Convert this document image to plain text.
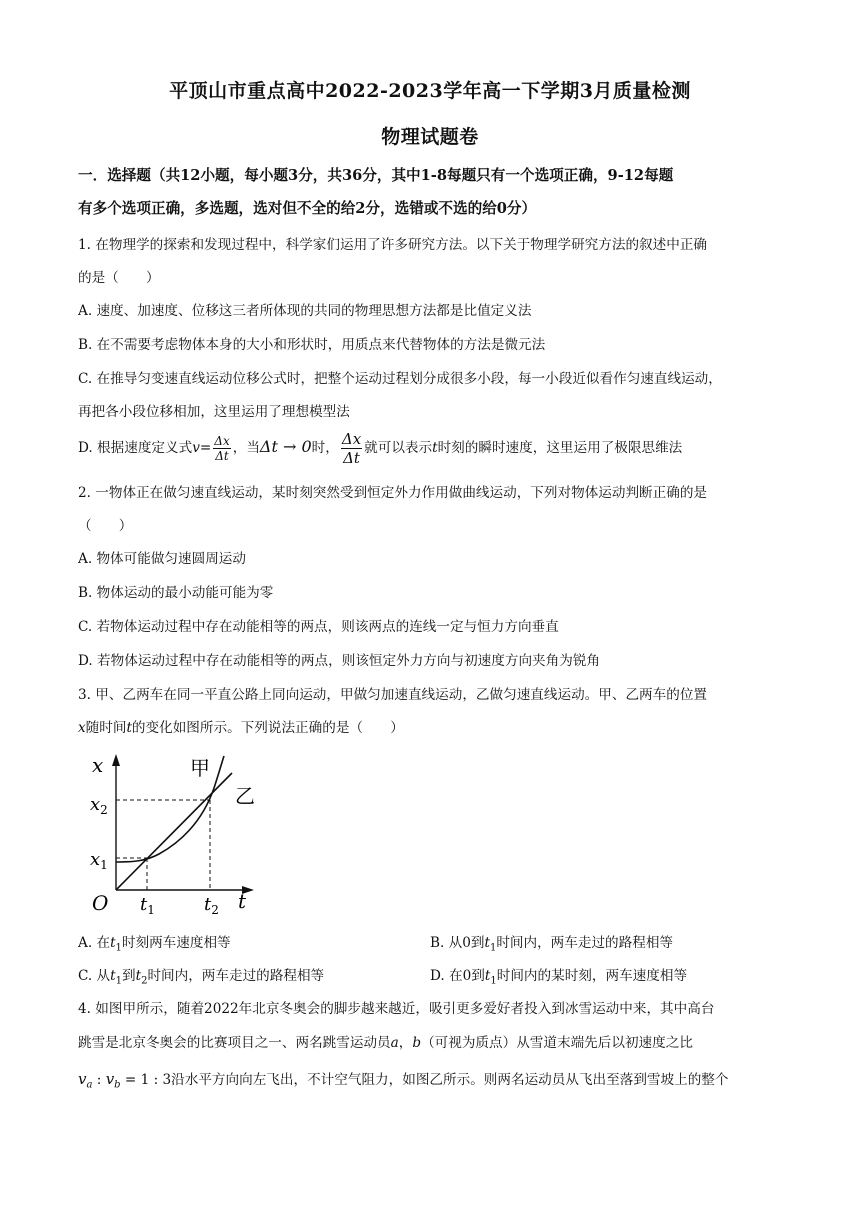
平顶山市重点高中2022-2023学年高一下学期3月质量检测
物理试题卷
一．选择题（共12小题，每小题3分，共36分，其中1-8每题只有一个选项正确，9-12每题
有多个选项正确，多选题，选对但不全的给2分，选错或不选的给0分）
1. 在物理学的探索和发现过程中，科学家们运用了许多研究方法。以下关于物理学研究方法的叙述中正确
的是（　　）
A. 速度、加速度、位移这三者所体现的共同的物理思想方法都是比值定义法
B. 在不需要考虑物体本身的大小和形状时，用质点来代替物体的方法是微元法
C. 在推导匀变速直线运动位移公式时，把整个运动过程划分成很多小段，每一小段近似看作匀速直线运动，
再把各小段位移相加，这里运用了理想模型法
D. 根据速度定义式$v= \frac{\Delta x}{\Delta t}$ ，当Δt → 0时， $\frac{\Delta x}{\Delta t}$ 就可以表示t时刻的瞬时速度，这里运用了极限思维法
2. 一物体正在做匀速直线运动，某时刻突然受到恒定外力作用做曲线运动，下列对物体运动判断正确的是
（　　）
A. 物体可能做匀速圆周运动
B. 物体运动的最小动能可能为零
C. 若物体运动过程中存在动能相等的两点，则该两点的连线一定与恒力方向垂直
D. 若物体运动过程中存在动能相等的两点，则该恒定外力方向与初速度方向夹角为锐角
3. 甲、乙两车在同一平直公路上同向运动，甲做匀加速直线运动，乙做匀速直线运动。甲、乙两车的位置
x随时间t的变化如图所示。下列说法正确的是（　　）
x
t
O
甲
乙
$x_2$
$x_1$
$t_1$	$t_2$
A. 在$t_1$时刻两车速度相等	B. 从0到$t_1$时间内，两车走过的路程相等
C. 从$t_1$到$t_2$时间内，两车走过的路程相等	D. 在0到$t_1$时间内的某时刻，两车速度相等
4. 如图甲所示，随着2022年北京冬奥会的脚步越来越近，吸引更多爱好者投入到冰雪运动中来，其中高台
跳雪是北京冬奥会的比赛项目之一、两名跳雪运动员a，b（可视为质点）从雪道末端先后以初速度之比
$v_a$ : $v_b = 1$ : 3沿水平方向向左飞出，不计空气阻力，如图乙所示。则两名运动员从飞出至落到雪坡上的整个
